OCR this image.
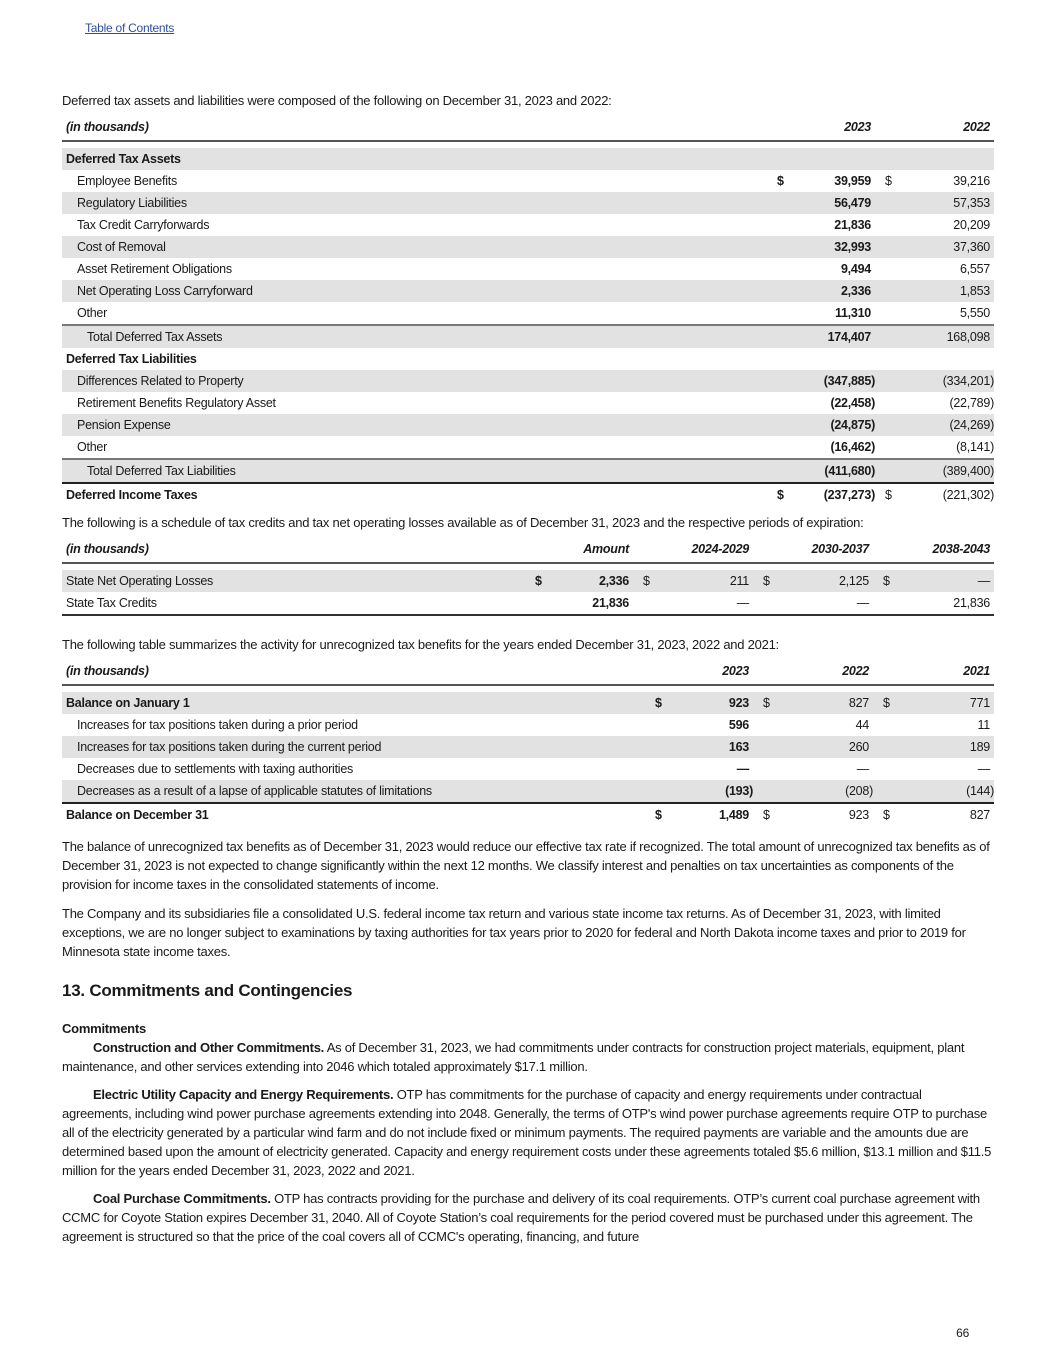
Table of Contents

Deferred tax assets and liabilities were composed of the following on December 31, 2023 and 2022:

(in thousands)		2023		2022

Deferred Tax Assets				
Employee Benefits	$	39,959	$	39,216
Regulatory Liabilities		56,479		57,353
Tax Credit Carryforwards		21,836		20,209
Cost of Removal		32,993		37,360
Asset Retirement Obligations		9,494		6,557
Net Operating Loss Carryforward		2,336		1,853
Other		11,310		5,550
Total Deferred Tax Assets		174,407		168,098
Deferred Tax Liabilities				
Differences Related to Property		(347,885)		(334,201)
Retirement Benefits Regulatory Asset		(22,458)		(22,789)
Pension Expense		(24,875)		(24,269)
Other		(16,462)		(8,141)
Total Deferred Tax Liabilities		(411,680)		(389,400)
Deferred Income Taxes	$	(237,273)	$	(221,302)

The following is a schedule of tax credits and tax net operating losses available as of December 31, 2023 and the respective periods of expiration:

(in thousands)		Amount		2024-2029		2030-2037		2038-2043

State Net Operating Losses	$	2,336	$	211	$	2,125	$	—
State Tax Credits		21,836		—		—		21,836

The following table summarizes the activity for unrecognized tax benefits for the years ended December 31, 2023, 2022 and 2021:

(in thousands)		2023		2022		2021

Balance on January 1	$	923	$	827	$	771
Increases for tax positions taken during a prior period		596		44		11
Increases for tax positions taken during the current period		163		260		189
Decreases due to settlements with taxing authorities		—		—		—
Decreases as a result of a lapse of applicable statutes of limitations		(193)		(208)		(144)
Balance on December 31	$	1,489	$	923	$	827

The balance of unrecognized tax benefits as of December 31, 2023 would reduce our effective tax rate if recognized. The total amount of unrecognized tax benefits as of December 31, 2023 is not expected to change significantly within the next 12 months. We classify interest and penalties on tax uncertainties as components of the provision for income taxes in the consolidated statements of income.

The Company and its subsidiaries file a consolidated U.S. federal income tax return and various state income tax returns. As of December 31, 2023, with limited exceptions, we are no longer subject to examinations by taxing authorities for tax years prior to 2020 for federal and North Dakota income taxes and prior to 2019 for Minnesota state income taxes.

13. Commitments and Contingencies

Commitments

Construction and Other Commitments. As of December 31, 2023, we had commitments under contracts for construction project materials, equipment, plant maintenance, and other services extending into 2046 which totaled approximately $17.1 million.

Electric Utility Capacity and Energy Requirements. OTP has commitments for the purchase of capacity and energy requirements under contractual agreements, including wind power purchase agreements extending into 2048. Generally, the terms of OTP's wind power purchase agreements require OTP to purchase all of the electricity generated by a particular wind farm and do not include fixed or minimum payments. The required payments are variable and the amounts due are determined based upon the amount of electricity generated. Capacity and energy requirement costs under these agreements totaled $5.6 million, $13.1 million and $11.5 million for the years ended December 31, 2023, 2022 and 2021.

Coal Purchase Commitments. OTP has contracts providing for the purchase and delivery of its coal requirements. OTP’s current coal purchase agreement with CCMC for Coyote Station expires December 31, 2040. All of Coyote Station’s coal requirements for the period covered must be purchased under this agreement. The agreement is structured so that the price of the coal covers all of CCMC's operating, financing, and future

66
